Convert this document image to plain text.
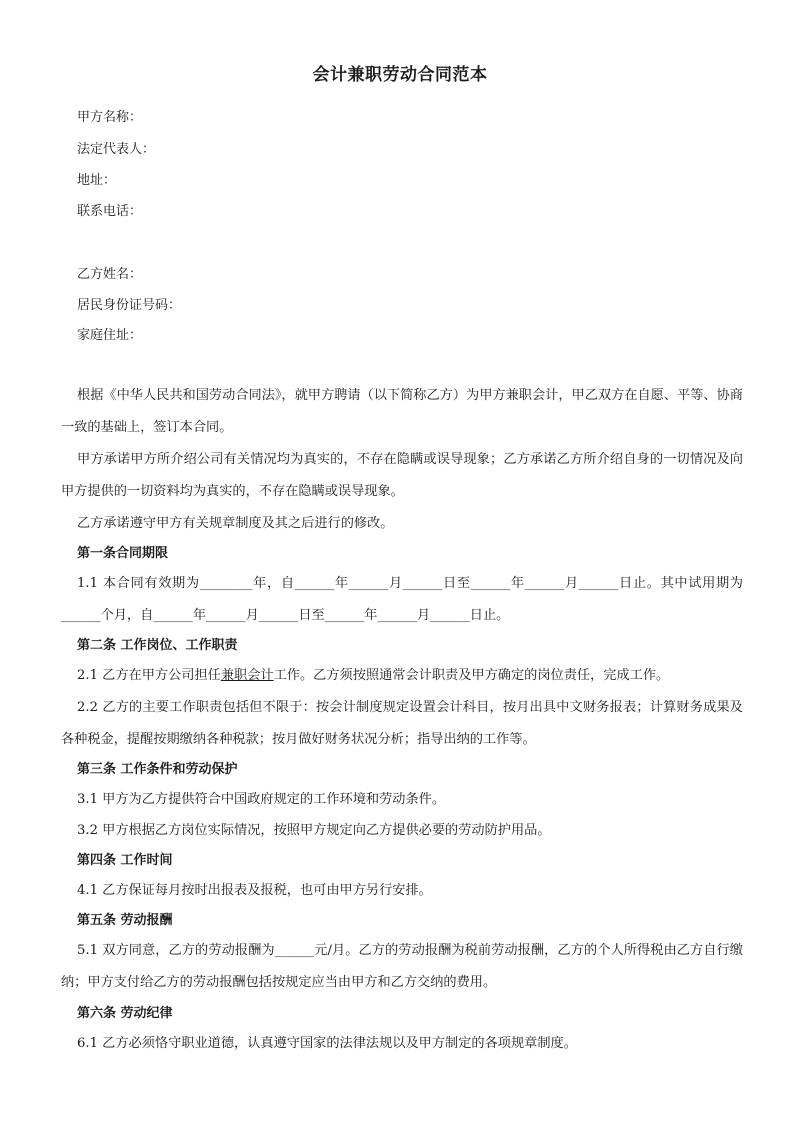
会计兼职劳动合同范本
甲方名称：
法定代表人：
地址：
联系电话：
乙方姓名：
居民身份证号码：
家庭住址：
根据《中华人民共和国劳动合同法》，就甲方聘请（以下简称乙方）为甲方兼职会计，甲乙双方在自愿、平等、协商一致的基础上，签订本合同。
甲方承诺甲方所介绍公司有关情况均为真实的，不存在隐瞒或误导现象；乙方承诺乙方所介绍自身的一切情况及向甲方提供的一切资料均为真实的，不存在隐瞒或误导现象。
乙方承诺遵守甲方有关规章制度及其之后进行的修改。
第一条合同期限
1.1 本合同有效期为________年，自______年______月______日至______年______月______日止。其中试用期为______个月，自______年______月______日至______年______月______日止。
第二条 工作岗位、工作职责
2.1 乙方在甲方公司担任兼职会计工作。乙方须按照通常会计职责及甲方确定的岗位责任，完成工作。
2.2 乙方的主要工作职责包括但不限于：按会计制度规定设置会计科目，按月出具中文财务报表；计算财务成果及各种税金，提醒按期缴纳各种税款；按月做好财务状况分析；指导出纳的工作等。
第三条 工作条件和劳动保护
3.1 甲方为乙方提供符合中国政府规定的工作环境和劳动条件。
3.2 甲方根据乙方岗位实际情况，按照甲方规定向乙方提供必要的劳动防护用品。
第四条 工作时间
4.1 乙方保证每月按时出报表及报税，也可由甲方另行安排。
第五条 劳动报酬
5.1 双方同意，乙方的劳动报酬为______元/月。乙方的劳动报酬为税前劳动报酬，乙方的个人所得税由乙方自行缴纳；甲方支付给乙方的劳动报酬包括按规定应当由甲方和乙方交纳的费用。
第六条 劳动纪律
6.1 乙方必须恪守职业道德，认真遵守国家的法律法规以及甲方制定的各项规章制度。
